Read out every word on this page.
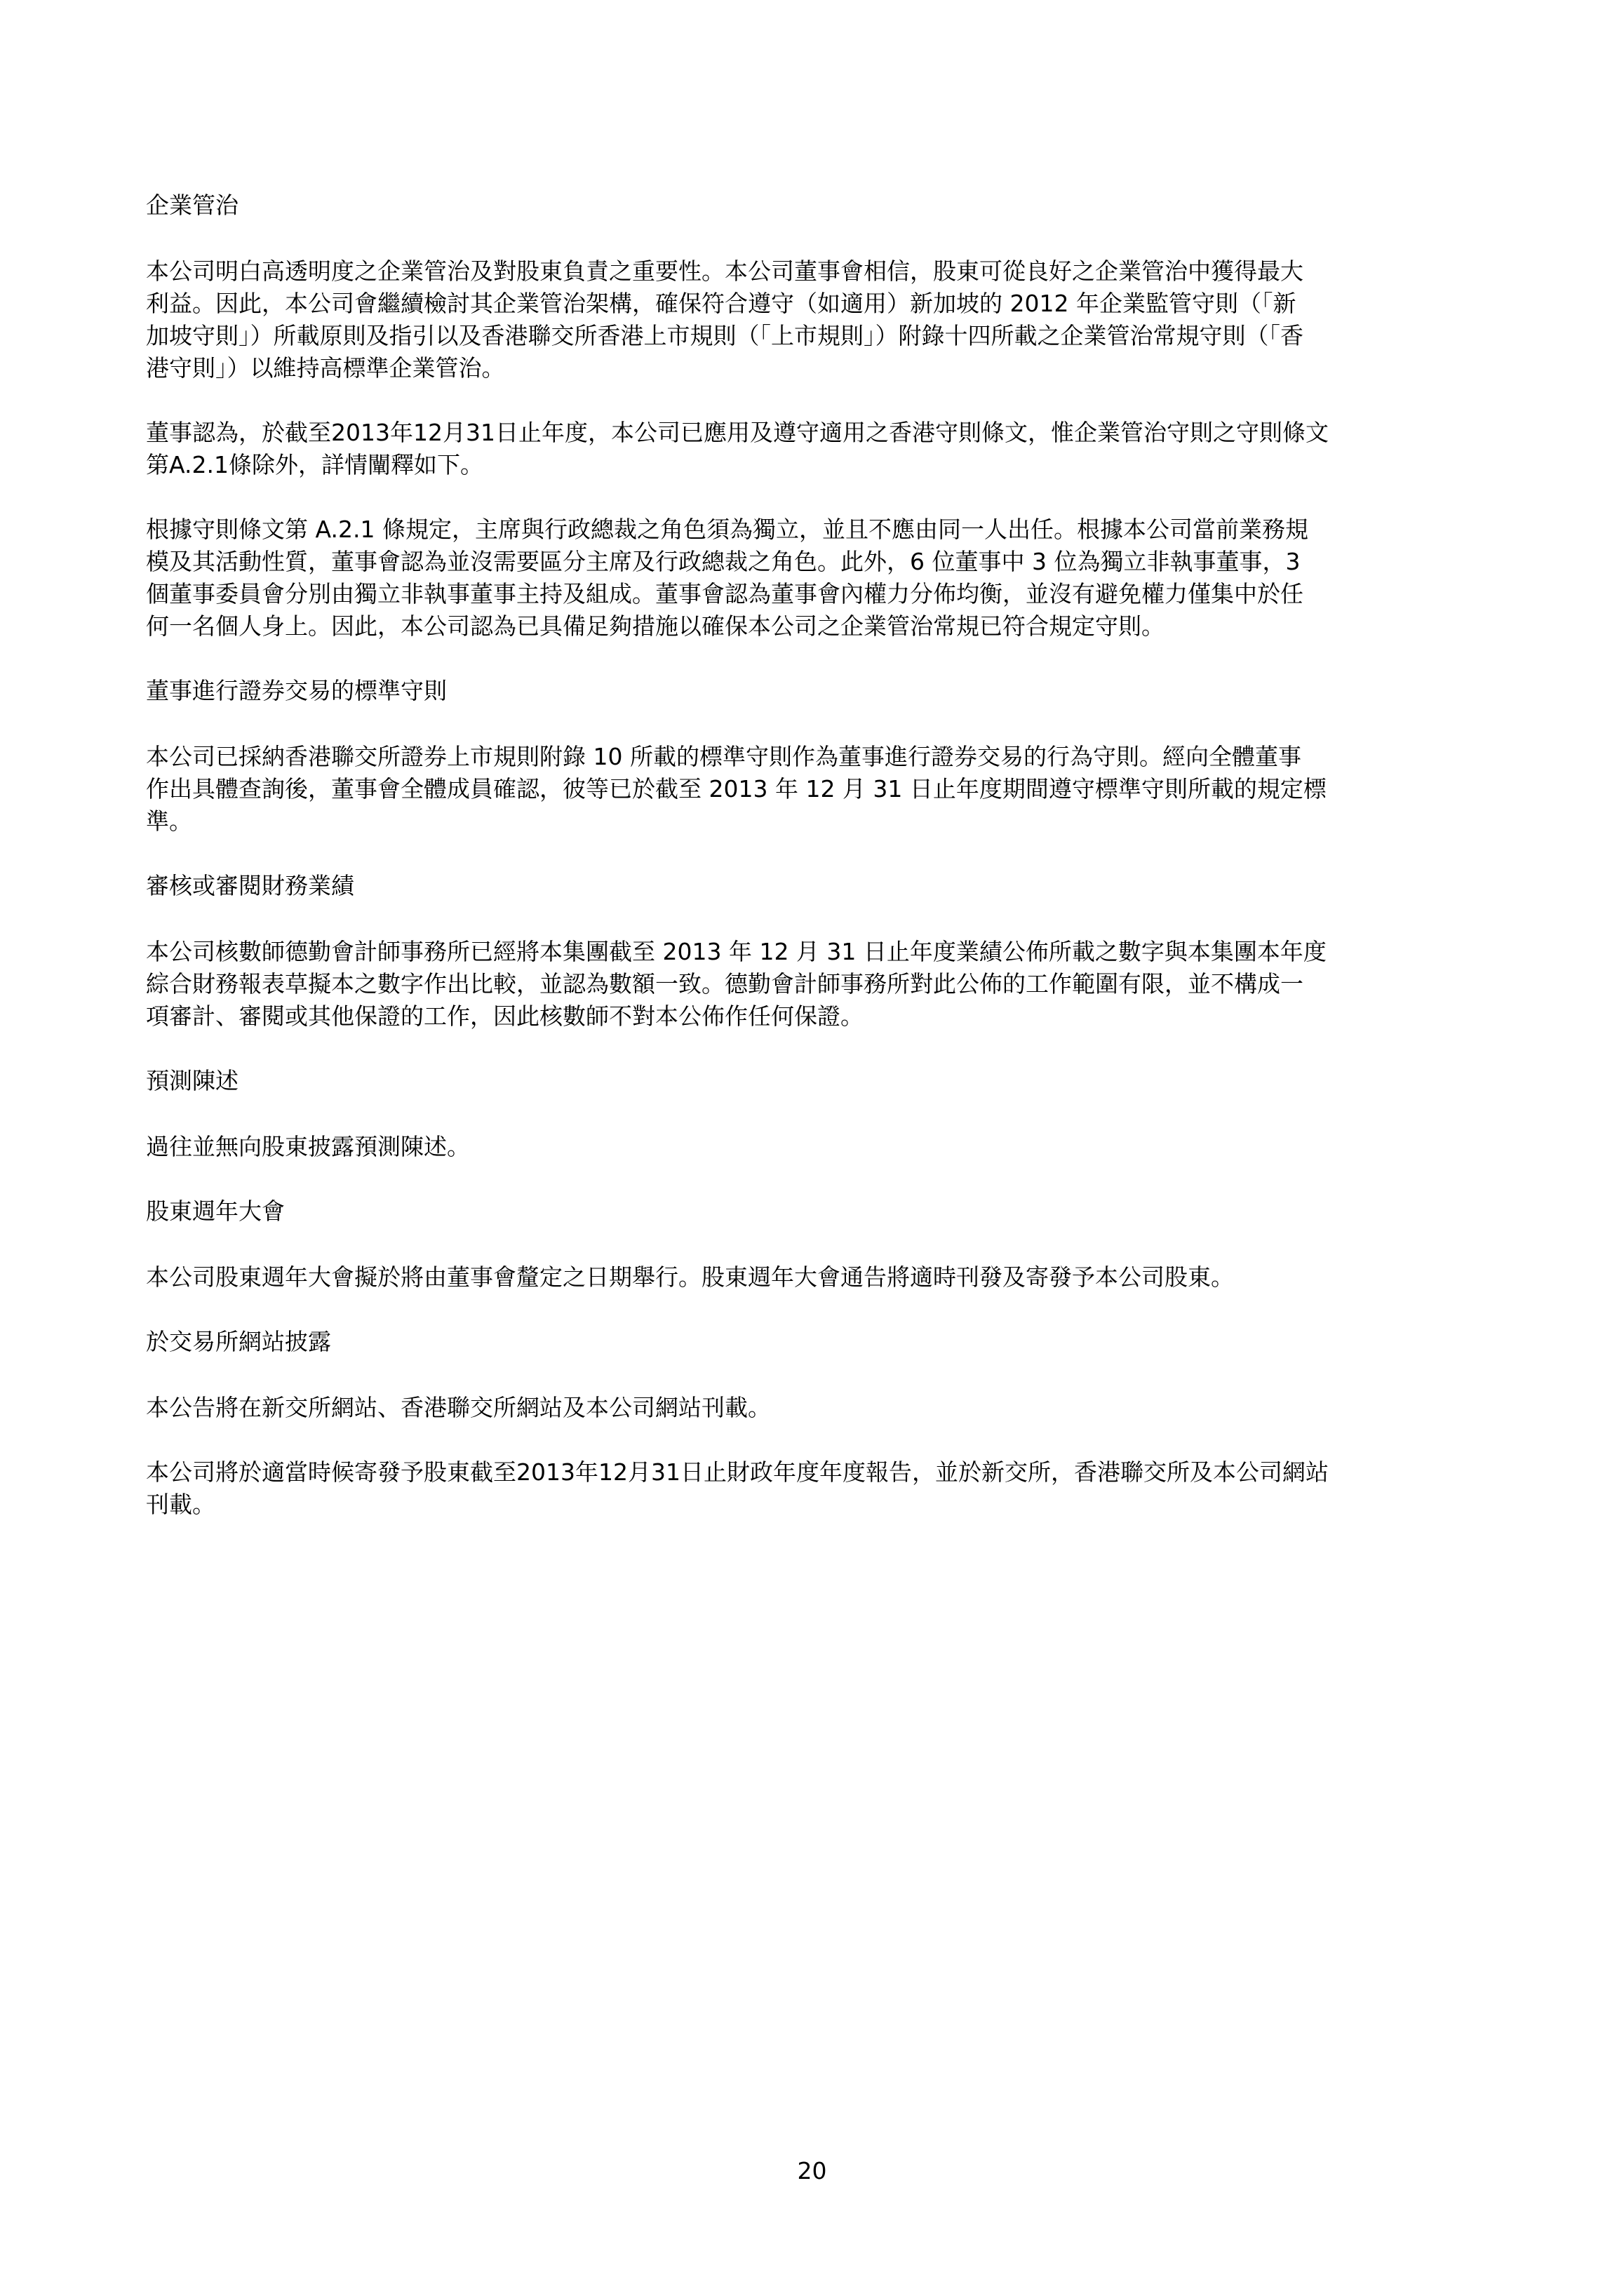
企業管治
本公司明白高透明度之企業管治及對股東負責之重要性。本公司董事會相信，股東可從良好之企業管治中獲得最大
利益。因此，本公司會繼續檢討其企業管治架構，確保符合遵守（如適用）新加坡的 2012 年企業監管守則（「新
加坡守則」）所載原則及指引以及香港聯交所香港上市規則（「上市規則」）附錄十四所載之企業管治常規守則（「香
港守則」）以維持高標準企業管治。
董事認為，於截至2013年12月31日止年度，本公司已應用及遵守適用之香港守則條文，惟企業管治守則之守則條文
第A.2.1條除外，詳情闡釋如下。
根據守則條文第 A.2.1 條規定，主席與行政總裁之角色須為獨立，並且不應由同一人出任。根據本公司當前業務規
模及其活動性質，董事會認為並沒需要區分主席及行政總裁之角色。此外，6 位董事中 3 位為獨立非執事董事，3
個董事委員會分別由獨立非執事董事主持及組成。董事會認為董事會內權力分佈均衡，並沒有避免權力僅集中於任
何一名個人身上。因此，本公司認為已具備足夠措施以確保本公司之企業管治常規已符合規定守則。
董事進行證券交易的標準守則
本公司已採納香港聯交所證券上市規則附錄 10 所載的標準守則作為董事進行證券交易的行為守則。經向全體董事
作出具體查詢後，董事會全體成員確認，彼等已於截至 2013 年 12 月 31 日止年度期間遵守標準守則所載的規定標
準。
審核或審閱財務業績
本公司核數師德勤會計師事務所已經將本集團截至 2013 年 12 月 31 日止年度業績公佈所載之數字與本集團本年度
綜合財務報表草擬本之數字作出比較，並認為數額一致。德勤會計師事務所對此公佈的工作範圍有限，並不構成一
項審計、審閱或其他保證的工作，因此核數師不對本公佈作任何保證。
預測陳述
過往並無向股東披露預測陳述。
股東週年大會
本公司股東週年大會擬於將由董事會釐定之日期舉行。股東週年大會通告將適時刊發及寄發予本公司股東。
於交易所網站披露
本公告將在新交所網站、香港聯交所網站及本公司網站刊載。
本公司將於適當時候寄發予股東截至2013年12月31日止財政年度年度報告，並於新交所，香港聯交所及本公司網站
刊載。
20
